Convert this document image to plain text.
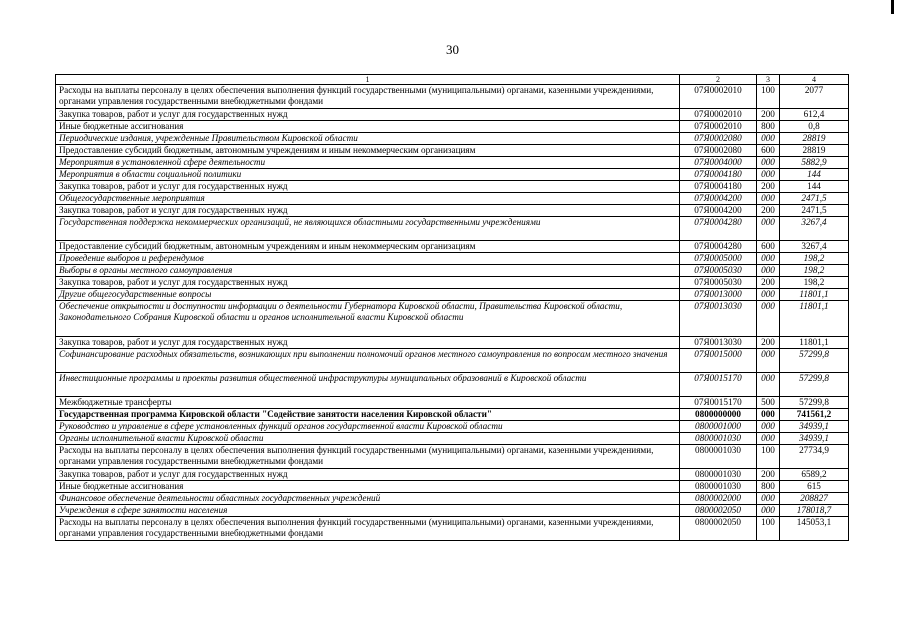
30
1	2	3	4
Расходы на выплаты персоналу в целях обеспечения выполнения функций государственными (муниципальными) органами, казенными учреждениями, органами управления государственными внебюджетными фондами	07Я0002010	100	2077
Закупка товаров, работ и услуг для государственных нужд	07Я0002010	200	612,4
Иные бюджетные ассигнования	07Я0002010	800	0,8
Периодические издания, учрежденные Правительством Кировской области	07Я0002080	000	28819
Предоставление субсидий бюджетным, автономным учреждениям и иным некоммерческим организациям	07Я0002080	600	28819
Мероприятия в установленной сфере деятельности	07Я0004000	000	5882,9
Мероприятия в области социальной политики	07Я0004180	000	144
Закупка товаров, работ и услуг для государственных нужд	07Я0004180	200	144
Общегосударственные мероприятия	07Я0004200	000	2471,5
Закупка товаров, работ и услуг для государственных нужд	07Я0004200	200	2471,5
Государственная поддержка некоммерческих организаций, не являющихся областными государственными учреждениями	07Я0004280	000	3267,4
Предоставление субсидий бюджетным, автономным учреждениям и иным некоммерческим организациям	07Я0004280	600	3267,4
Проведение выборов и референдумов	07Я0005000	000	198,2
Выборы в органы местного самоуправления	07Я0005030	000	198,2
Закупка товаров, работ и услуг для государственных нужд	07Я0005030	200	198,2
Другие общегосударственные вопросы	07Я0013000	000	11801,1
Обеспечение открытости и доступности информации о деятельности Губернатора Кировской области, Правительства Кировской области, Законодательного Собрания Кировской области и органов исполнительной власти Кировской области	07Я0013030	000	11801,1
Закупка товаров, работ и услуг для государственных нужд	07Я0013030	200	11801,1
Софинансирование расходных обязательств, возникающих при выполнении полномочий органов местного самоуправления по вопросам местного значения	07Я0015000	000	57299,8
Инвестиционные программы и проекты развития общественной инфраструктуры муниципальных образований в Кировской области	07Я0015170	000	57299,8
Межбюджетные трансферты	07Я0015170	500	57299,8
Государственная программа Кировской области "Содействие занятости населения Кировской области"	0800000000	000	741561,2
Руководство и управление в сфере установленных функций органов государственной власти Кировской области	0800001000	000	34939,1
Органы исполнительной власти Кировской области	0800001030	000	34939,1
Расходы на выплаты персоналу в целях обеспечения выполнения функций государственными (муниципальными) органами, казенными учреждениями, органами управления государственными внебюджетными фондами	0800001030	100	27734,9
Закупка товаров, работ и услуг для государственных нужд	0800001030	200	6589,2
Иные бюджетные ассигнования	0800001030	800	615
Финансовое обеспечение деятельности областных государственных учреждений	0800002000	000	208827
Учреждения в сфере занятости населения	0800002050	000	178018,7
Расходы на выплаты персоналу в целях обеспечения выполнения функций государственными (муниципальными) органами, казенными учреждениями, органами управления государственными внебюджетными фондами	0800002050	100	145053,1
